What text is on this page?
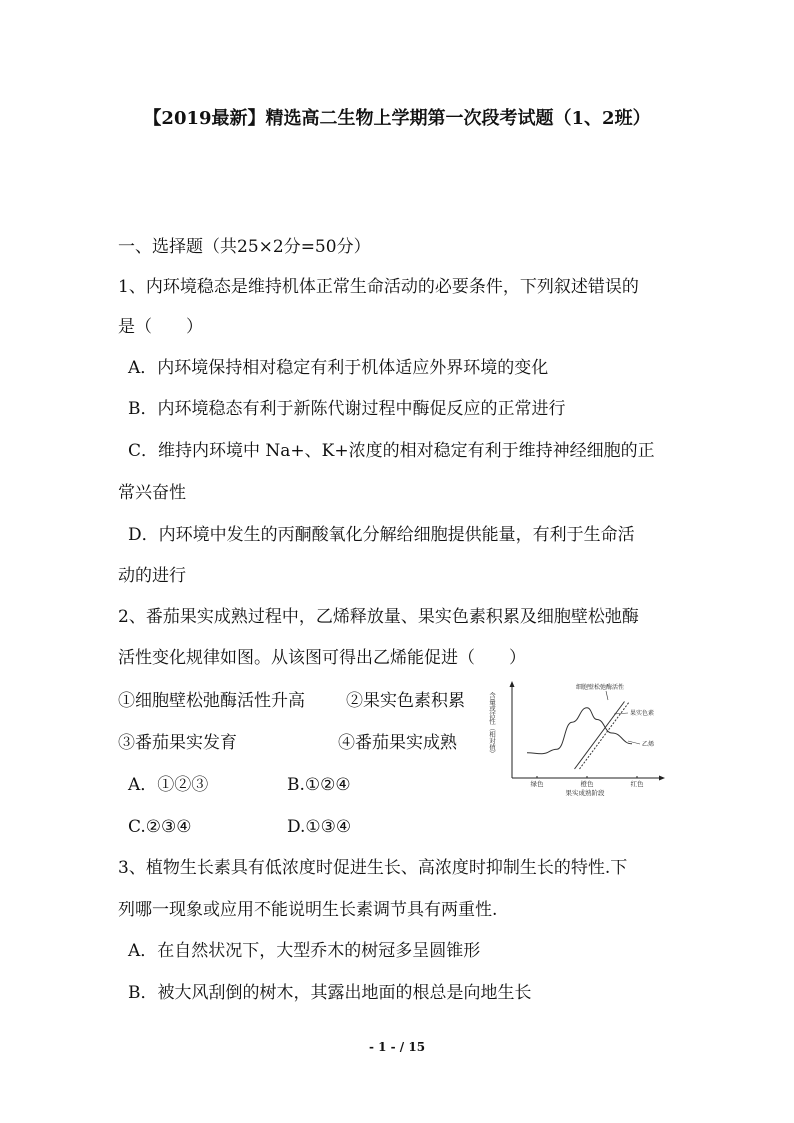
【2019最新】精选高二生物上学期第一次段考试题（1、2班）
一、选择题（共25×2分=50分）
1、内环境稳态是维持机体正常生命活动的必要条件，下列叙述错误的
是（　　）
A．内环境保持相对稳定有利于机体适应外界环境的变化
B．内环境稳态有利于新陈代谢过程中酶促反应的正常进行
C．维持内环境中 Na+、K+浓度的相对稳定有利于维持神经细胞的正
常兴奋性
D．内环境中发生的丙酮酸氧化分解给细胞提供能量，有利于生命活
动的进行
2、番茄果实成熟过程中，乙烯释放量、果实色素积累及细胞壁松弛酶
活性变化规律如图。从该图可得出乙烯能促进（　　）
①细胞壁松弛酶活性升高 ②果实色素积累
③番茄果实发育	④番茄果实成熟
A．①②③	B.①②④
C.②③④	D.①③④
含量或活性（相对值）
绿色	橙色	红色
果实成熟阶段
细胞壁松弛酶活性
果实色素
乙烯
3、植物生长素具有低浓度时促进生长、高浓度时抑制生长的特性.下
列哪一现象或应用不能说明生长素调节具有两重性.
A．在自然状况下，大型乔木的树冠多呈圆锥形
B．被大风刮倒的树木，其露出地面的根总是向地生长
- 1 - / 15
